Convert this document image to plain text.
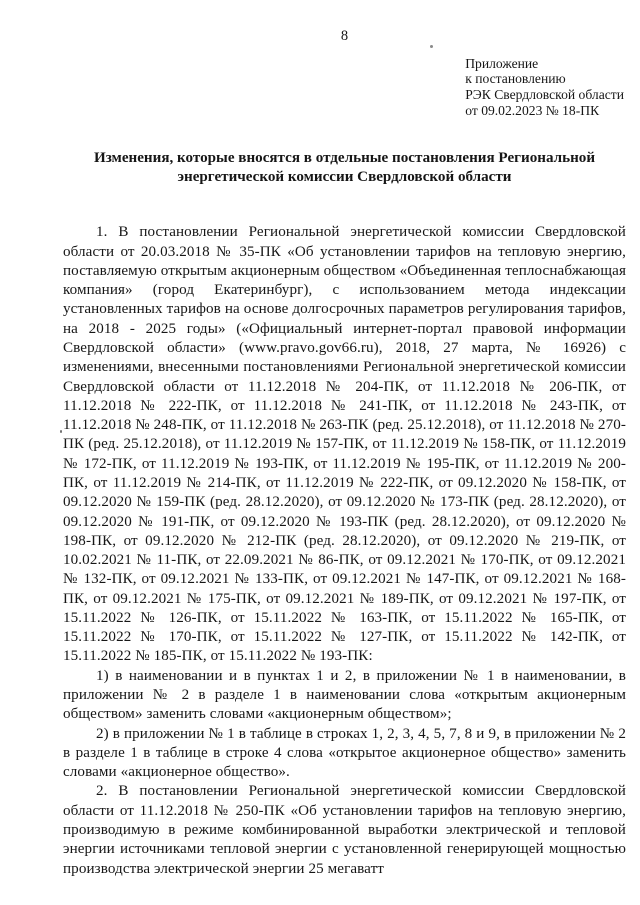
8
Приложение
к постановлению
РЭК Свердловской области
от 09.02.2023 № 18-ПК
Изменения, которые вносятся в отдельные постановления Региональной энергетической комиссии Свердловской области

1. В постановлении Региональной энергетической комиссии Свердловской области от 20.03.2018 № 35-ПК «Об установлении тарифов на тепловую энергию, поставляемую открытым акционерным обществом «Объединенная теплоснабжающая компания» (город Екатеринбург), с использованием метода индексации установленных тарифов на основе долгосрочных параметров регулирования тарифов, на 2018 - 2025 годы» («Официальный интернет-портал правовой информации Свердловской области» (www.pravo.gov66.ru), 2018, 27 марта, № 16926) с изменениями, внесенными постановлениями Региональной энергетической комиссии Свердловской области от 11.12.2018 № 204-ПК, от 11.12.2018 № 206-ПК, от 11.12.2018 № 222-ПК, от 11.12.2018 № 241-ПК, от 11.12.2018 № 243-ПК, от 11.12.2018 № 248-ПК, от 11.12.2018 № 263-ПК (ред. 25.12.2018), от 11.12.2018 № 270-ПК (ред. 25.12.2018), от 11.12.2019 № 157-ПК, от 11.12.2019 № 158-ПК, от 11.12.2019 № 172-ПК, от 11.12.2019 № 193-ПК, от 11.12.2019 № 195-ПК, от 11.12.2019 № 200-ПК, от 11.12.2019 № 214-ПК, от 11.12.2019 № 222-ПК, от 09.12.2020 № 158-ПК, от 09.12.2020 № 159-ПК (ред. 28.12.2020), от 09.12.2020 № 173-ПК (ред. 28.12.2020), от 09.12.2020 № 191-ПК, от 09.12.2020 № 193-ПК (ред. 28.12.2020), от 09.12.2020 № 198-ПК, от 09.12.2020 № 212-ПК (ред. 28.12.2020), от 09.12.2020 № 219-ПК, от 10.02.2021 № 11-ПК, от 22.09.2021 № 86-ПК, от 09.12.2021 № 170-ПК, от 09.12.2021 № 132-ПК, от 09.12.2021 № 133-ПК, от 09.12.2021 № 147-ПК, от 09.12.2021 № 168-ПК, от 09.12.2021 № 175-ПК, от 09.12.2021 № 189-ПК, от 09.12.2021 № 197-ПК, от 15.11.2022 № 126-ПК, от 15.11.2022 № 163-ПК, от 15.11.2022 № 165-ПК, от 15.11.2022 № 170-ПК, от 15.11.2022 № 127-ПК, от 15.11.2022 № 142-ПК, от 15.11.2022 № 185-ПК, от 15.11.2022 № 193-ПК:

1) в наименовании и в пунктах 1 и 2, в приложении № 1 в наименовании, в приложении № 2 в разделе 1 в наименовании слова «открытым акционерным обществом» заменить словами «акционерным обществом»;

2) в приложении № 1 в таблице в строках 1, 2, 3, 4, 5, 7, 8 и 9, в приложении № 2 в разделе 1 в таблице в строке 4 слова «открытое акционерное общество» заменить словами «акционерное общество».

2. В постановлении Региональной энергетической комиссии Свердловской области от 11.12.2018 № 250-ПК «Об установлении тарифов на тепловую энергию, производимую в режиме комбинированной выработки электрической и тепловой энергии источниками тепловой энергии с установленной генерирующей мощностью производства электрической энергии 25 мегаватт
